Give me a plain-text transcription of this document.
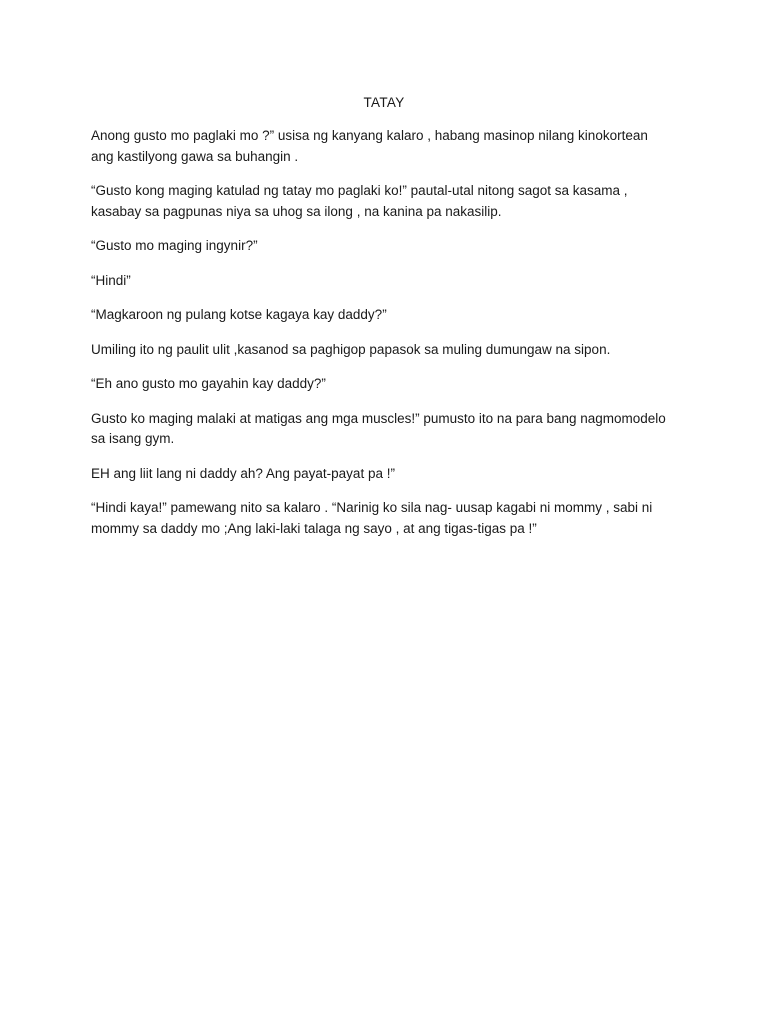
TATAY

Anong gusto mo paglaki mo ?” usisa ng kanyang kalaro , habang masinop nilang kinokortean
ang kastilyong gawa sa buhangin .

“Gusto kong maging katulad ng tatay mo paglaki ko!” pautal-utal nitong sagot sa kasama ,
kasabay sa pagpunas niya sa uhog sa ilong , na kanina pa nakasilip.

“Gusto mo maging ingynir?”

“Hindi”

“Magkaroon ng pulang kotse kagaya kay daddy?”

Umiling ito ng paulit ulit ,kasanod sa paghigop papasok sa muling dumungaw na sipon.

“Eh ano gusto mo gayahin kay daddy?”

Gusto ko maging malaki at matigas ang mga muscles!” pumusto ito na para bang nagmomodelo
sa isang gym.

EH ang liit lang ni daddy ah? Ang payat-payat pa !”

“Hindi kaya!” pamewang nito sa kalaro . “Narinig ko sila nag- uusap kagabi ni mommy , sabi ni
mommy sa daddy mo ;Ang laki-laki talaga ng sayo , at ang tigas-tigas pa !”
